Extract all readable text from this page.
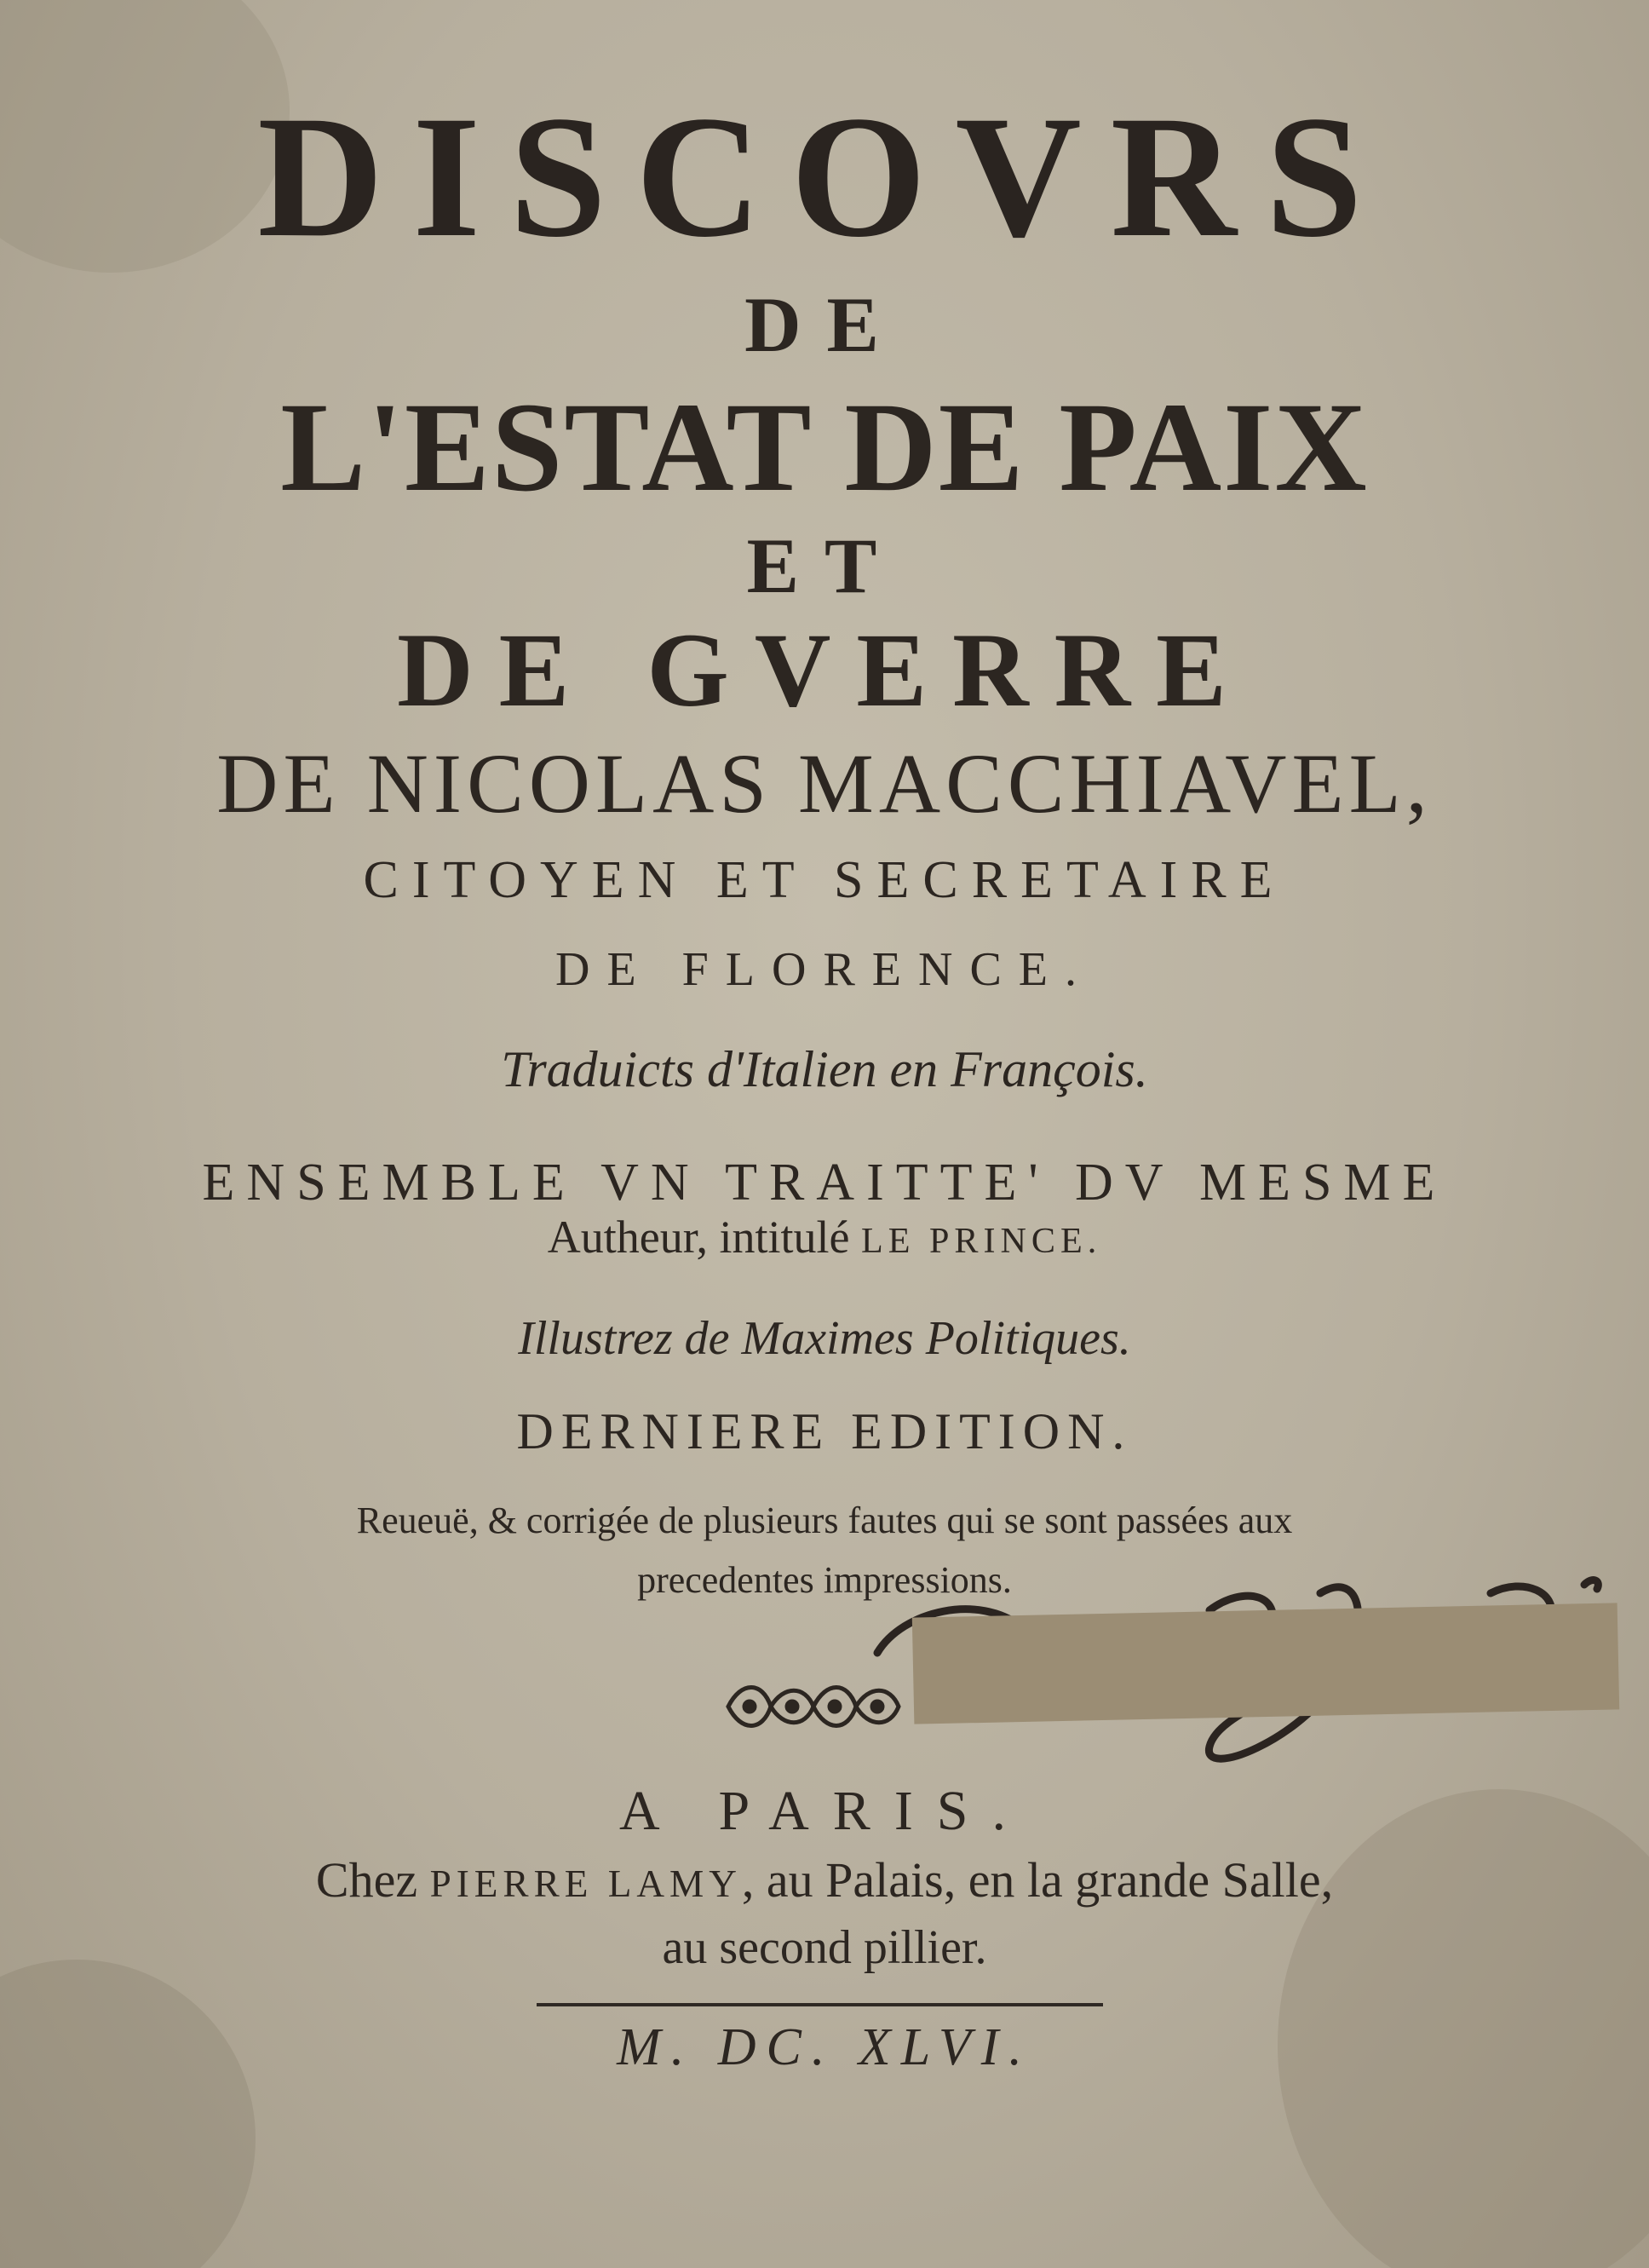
DISCOVRS

DE

L'ESTAT DE PAIX

ET

DE GVERRE

DE NICOLAS MACCHIAVEL,

CITOYEN ET SECRETAIRE

DE FLORENCE.

Traduicts d'Italien en François.

ENSEMBLE VN TRAITTE' DV MESME

Autheur, intitulé LE PRINCE.

Illustrez de Maximes Politiques.

DERNIERE EDITION.

Reueuë, & corrigée de plusieurs fautes qui se sont passées aux

precedentes impressions.

A PARIS.

Chez PIERRE LAMY, au Palais, en la grande Salle,

au second pillier.

M. DC. XLVI.
